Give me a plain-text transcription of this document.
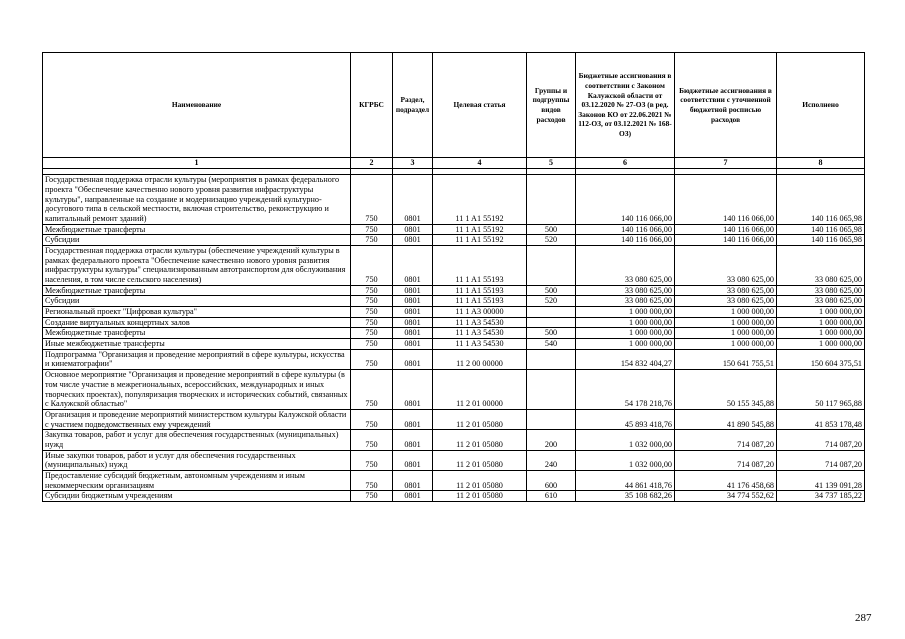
Наименование	КГРБС	Раздел, подраздел	Целевая статья	Группы и подгруппы видов расходов	Бюджетные ассигнования в соответствии с Законом Калужской области от 03.12.2020 № 27-ОЗ (в ред. Законов КО от 22.06.2021 № 112-ОЗ, от 03.12.2021 № 168-ОЗ)	Бюджетные ассигнования в соответствии с уточненной бюджетной росписью расходов	Исполнено
1	2	3	4	5	6	7	8

Государственная поддержка отрасли культуры (мероприятия в рамках федерального проекта "Обеспечение качественно нового уровня развития инфраструктуры культуры", направленные на создание и модернизацию учреждений культурно-досугового типа в сельской местности, включая строительство, реконструкцию и капитальный ремонт зданий)	750	0801	11 1 A1 55192		140 116 066,00	140 116 066,00	140 116 065,98
Межбюджетные трансферты	750	0801	11 1 A1 55192	500	140 116 066,00	140 116 066,00	140 116 065,98
Субсидии	750	0801	11 1 A1 55192	520	140 116 066,00	140 116 066,00	140 116 065,98
Государственная поддержка отрасли культуры (обеспечение учреждений культуры в рамках федерального проекта "Обеспечение качественно нового уровня развития инфраструктуры культуры" специализированным автотранспортом для обслуживания населения, в том числе сельского населения)	750	0801	11 1 A1 55193		33 080 625,00	33 080 625,00	33 080 625,00
Межбюджетные трансферты	750	0801	11 1 A1 55193	500	33 080 625,00	33 080 625,00	33 080 625,00
Субсидии	750	0801	11 1 A1 55193	520	33 080 625,00	33 080 625,00	33 080 625,00
Региональный проект "Цифровая культура"	750	0801	11 1 A3 00000		1 000 000,00	1 000 000,00	1 000 000,00
Создание виртуальных концертных залов	750	0801	11 1 A3 54530		1 000 000,00	1 000 000,00	1 000 000,00
Межбюджетные трансферты	750	0801	11 1 A3 54530	500	1 000 000,00	1 000 000,00	1 000 000,00
Иные межбюджетные трансферты	750	0801	11 1 A3 54530	540	1 000 000,00	1 000 000,00	1 000 000,00
Подпрограмма "Организация и проведение мероприятий в сфере культуры, искусства и кинематографии"	750	0801	11 2 00 00000		154 832 404,27	150 641 755,51	150 604 375,51
Основное мероприятие "Организация и проведение мероприятий в сфере культуры (в том числе участие в межрегиональных, всероссийских, международных и иных творческих проектах), популяризация творческих и исторических событий, связанных с Калужской областью"	750	0801	11 2 01 00000		54 178 218,76	50 155 345,88	50 117 965,88
Организация и проведение мероприятий министерством культуры Калужской области с участием подведомственных ему учреждений	750	0801	11 2 01 05080		45 893 418,76	41 890 545,88	41 853 178,48
Закупка товаров, работ и услуг для обеспечения государственных (муниципальных) нужд	750	0801	11 2 01 05080	200	1 032 000,00	714 087,20	714 087,20
Иные закупки товаров, работ и услуг для обеспечения государственных (муниципальных) нужд	750	0801	11 2 01 05080	240	1 032 000,00	714 087,20	714 087,20
Предоставление субсидий бюджетным, автономным учреждениям и иным некоммерческим организациям	750	0801	11 2 01 05080	600	44 861 418,76	41 176 458,68	41 139 091,28
Субсидии бюджетным учреждениям	750	0801	11 2 01 05080	610	35 108 682,26	34 774 552,62	34 737 185,22
287
